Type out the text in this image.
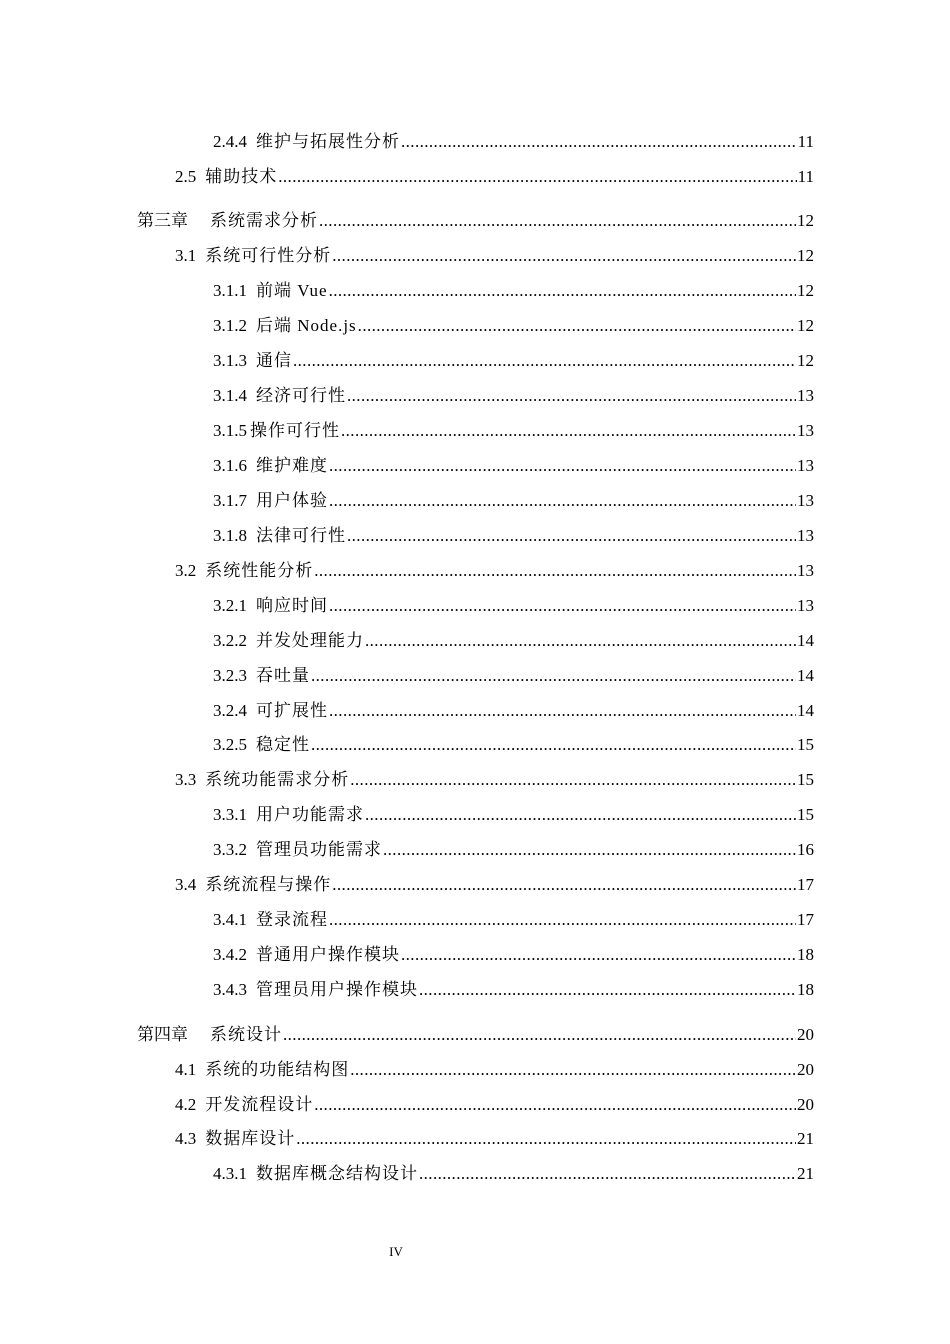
2.4.4 维护与拓展性分析 .....	11
2.5 辅助技术 .....	11
第三章 系统需求分析 .....	12
3.1 系统可行性分析 .....	12
3.1.1 前端 Vue .....	12
3.1.2 后端 Node.js .....	12
3.1.3 通信 .....	12
3.1.4 经济可行性 .....	13
3.1.5 操作可行性 .....	13
3.1.6 维护难度 .....	13
3.1.7 用户体验 .....	13
3.1.8 法律可行性 .....	13
3.2 系统性能分析 .....	13
3.2.1 响应时间 .....	13
3.2.2 并发处理能力 .....	14
3.2.3 吞吐量 .....	14
3.2.4 可扩展性 .....	14
3.2.5 稳定性 .....	15
3.3 系统功能需求分析 .....	15
3.3.1 用户功能需求 .....	15
3.3.2 管理员功能需求 .....	16
3.4 系统流程与操作 .....	17
3.4.1 登录流程 .....	17
3.4.2 普通用户操作模块 .....	18
3.4.3 管理员用户操作模块 .....	18
第四章 系统设计 .....	20
4.1 系统的功能结构图 .....	20
4.2 开发流程设计 .....	20
4.3 数据库设计 .....	21
4.3.1 数据库概念结构设计 .....	21
IV
